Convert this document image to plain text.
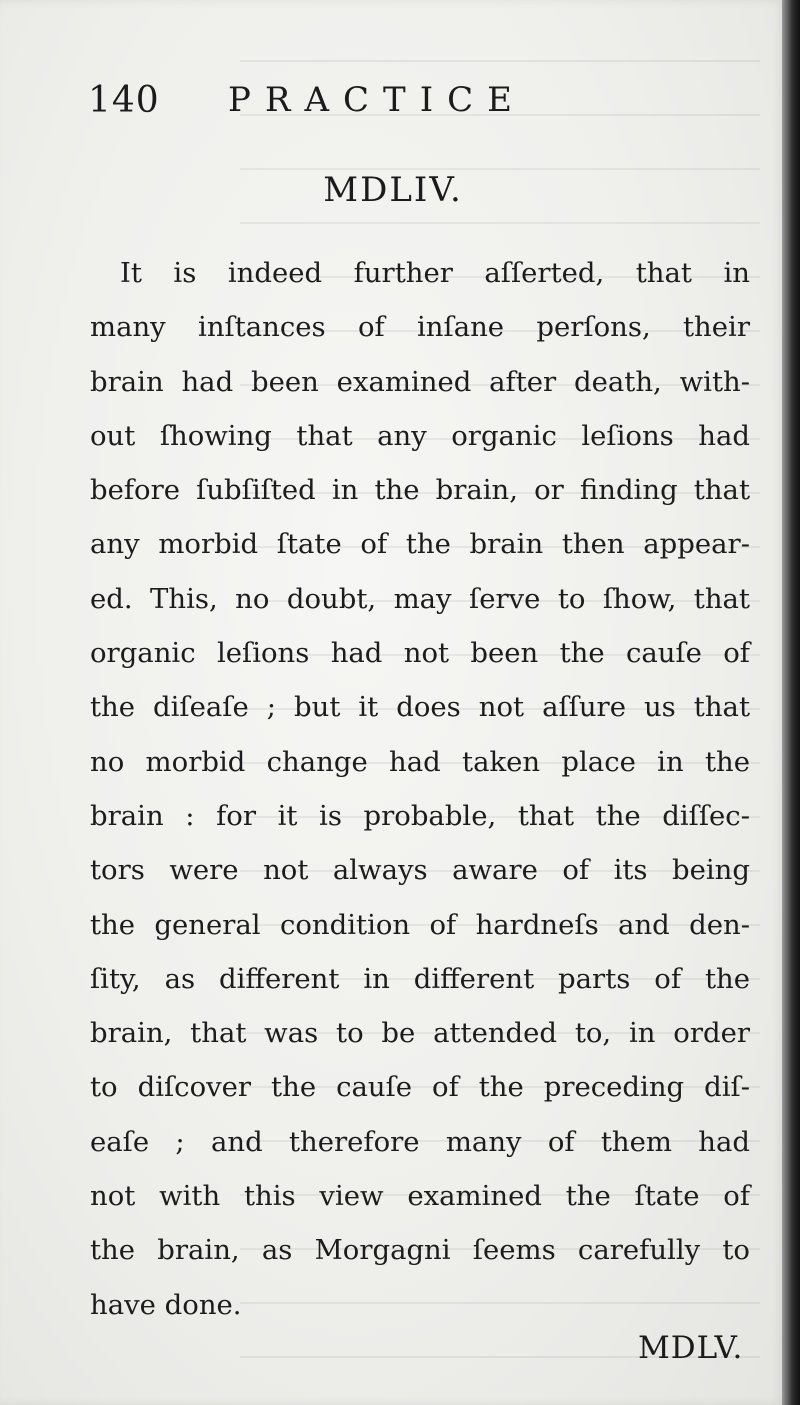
140 PRACTICE
MDLIV.
It is indeed further aſſerted, that in
many inſtances of inſane perſons, their
brain had been examined after death, with-
out ſhowing that any organic leſions had
before ſubſiſted in the brain, or finding that
any morbid ſtate of the brain then appear-
ed. This, no doubt, may ſerve to ſhow, that
organic leſions had not been the cauſe of
the diſeaſe ; but it does not aſſure us that
no morbid change had taken place in the
brain : for it is probable, that the diſſec-
tors were not always aware of its being
the general condition of hardneſs and den-
ſity, as different in different parts of the
brain, that was to be attended to, in order
to diſcover the cauſe of the preceding diſ-
eaſe ; and therefore many of them had
not with this view examined the ſtate of
the brain, as Morgagni ſeems carefully to
have done.
MDLV.
